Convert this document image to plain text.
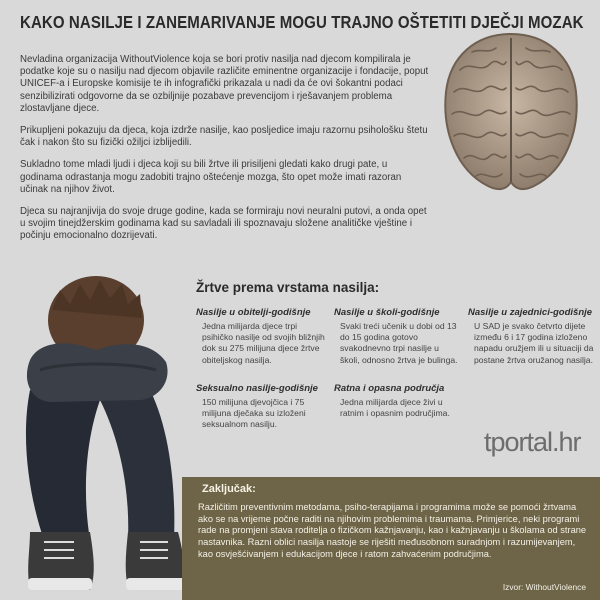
KAKO NASILJE I ZANEMARIVANJE MOGU TRAJNO OŠTETITI DJEČJI MOZAK

Nevladina organizacija WithoutViolence koja se bori protiv nasilja nad djecom kompilirala je podatke koje su o nasilju nad djecom objavile različite eminentne organizacije i fondacije, poput UNICEF-a i Europske komisije te ih infografički prikazala u nadi da će ovi šokantni podaci senzibilizirati odgovorne da se ozbiljnije pozabave prevencijom i rješavanjem problema zlostavljane djece.

Prikupljeni pokazuju da djeca, koja izdrže nasilje, kao posljedice imaju razornu psihološku štetu čak i nakon što su fizički ožiljci izblijedili.

Sukladno tome mladi ljudi i djeca koji su bili žrtve ili prisiljeni gledati kako drugi pate, u godinama odrastanja mogu zadobiti trajno oštećenje mozga, što opet može imati razoran učinak na njihov život.

Djeca su najranjivija do svoje druge godine, kada se formiraju novi neuralni putovi, a onda opet u svojim tinejdžerskim godinama kad su savladali ili spoznavaju složene analitičke vještine i počinju emocionalno dozrijevati.

tportal.hr
Žrtve prema vrstama nasilja:
Nasilje u obitelji-godišnje

Jedna milijarda djece trpi psihičko nasilje od svojih bližnjih dok su 275 milijuna djece žrtve obiteljskog nasilja.

Nasilje u školi-godišnje

Svaki treći učenik u dobi od 13 do 15 godina gotovo svakodnevno trpi nasilje u školi, odnosno žrtva je bulinga.

Nasilje u zajednici-godišnje

U SAD je svako četvrto dijete između 6 i 17 godina izloženo napadu oružjem ili u situaciji da postane žrtva oružanog nasilja.

Seksualno nasilje-godišnje

150 milijuna djevojčica i 75 milijuna dječaka su izloženi seksualnom nasilju.

Ratna i opasna područja

Jedna milijarda djece živi u ratnim i opasnim područjima.

Zaključak:
Različitim preventivnim metodama, psiho-terapijama i programima može se pomoći žrtvama ako se na vrijeme počne raditi na njihovim problemima i traumama. Primjerice, neki programi rade na promjeni stava roditelja o fizičkom kažnjavanju, kao i kažnjavanju u školama od strane nastavnika. Razni oblici nasilja nastoje se riješiti međusobnom suradnjom i razumijevanjem, kao osvješćivanjem i edukacijom djece i ratom zahvaćenim područjima.
Izvor: WithoutViolence
